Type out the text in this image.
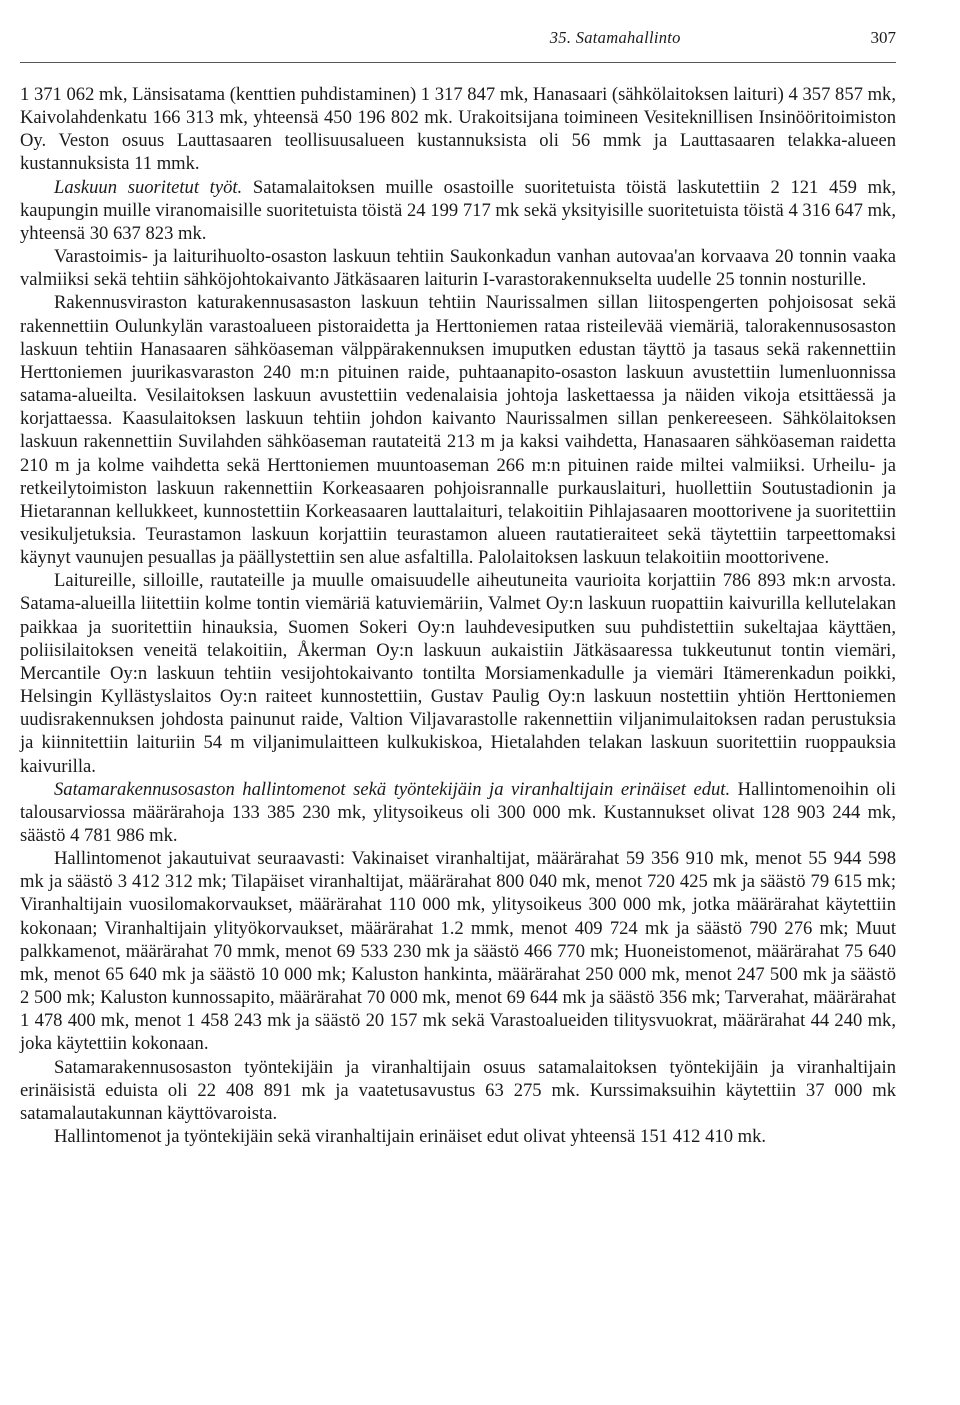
35. Satamahallinto	307

1 371 062 mk, Länsisatama (kenttien puhdistaminen) 1 317 847 mk, Hanasaari (sähkölaitoksen laituri) 4 357 857 mk, Kaivolahdenkatu 166 313 mk, yhteensä 450 196 802 mk. Urakoitsijana toimineen Vesiteknillisen Insinööritoimiston Oy. Veston osuus Lauttasaaren teollisuusalueen kustannuksista oli 56 mmk ja Lauttasaaren telakka-alueen kustannuksista 11 mmk.

Laskuun suoritetut työt. Satamalaitoksen muille osastoille suoritetuista töistä laskutettiin 2 121 459 mk, kaupungin muille viranomaisille suoritetuista töistä 24 199 717 mk sekä yksityisille suoritetuista töistä 4 316 647 mk, yhteensä 30 637 823 mk.

Varastoimis- ja laiturihuolto-osaston laskuun tehtiin Saukonkadun vanhan autovaa'an korvaava 20 tonnin vaaka valmiiksi sekä tehtiin sähköjohtokaivanto Jätkäsaaren laiturin I-varastorakennukselta uudelle 25 tonnin nosturille.

Rakennusviraston katurakennusasaston laskuun tehtiin Naurissalmen sillan liitospengerten pohjoisosat sekä rakennettiin Oulunkylän varastoalueen pistoraidetta ja Herttoniemen rataa risteilevää viemäriä, talorakennusosaston laskuun tehtiin Hanasaaren sähköaseman välppärakennuksen imuputken edustan täyttö ja tasaus sekä rakennettiin Herttoniemen juurikasvaraston 240 m:n pituinen raide, puhtaanapito-osaston laskuun avustettiin lumenluonnissa satama-alueilta. Vesilaitoksen laskuun avustettiin vedenalaisia johtoja laskettaessa ja näiden vikoja etsittäessä ja korjattaessa. Kaasulaitoksen laskuun tehtiin johdon kaivanto Naurissalmen sillan penkereeseen. Sähkölaitoksen laskuun rakennettiin Suvilahden sähköaseman rautateitä 213 m ja kaksi vaihdetta, Hanasaaren sähköaseman raidetta 210 m ja kolme vaihdetta sekä Herttoniemen muuntoaseman 266 m:n pituinen raide miltei valmiiksi. Urheilu- ja retkeilytoimiston laskuun rakennettiin Korkeasaaren pohjoisrannalle purkauslaituri, huollettiin Soutustadionin ja Hietarannan kellukkeet, kunnostettiin Korkeasaaren lauttalaituri, telakoitiin Pihlajasaaren moottorivene ja suoritettiin vesikuljetuksia. Teurastamon laskuun korjattiin teurastamon alueen rautatieraiteet sekä täytettiin tarpeettomaksi käynyt vaunujen pesuallas ja päällystettiin sen alue asfaltilla. Palolaitoksen laskuun telakoitiin moottorivene.

Laitureille, silloille, rautateille ja muulle omaisuudelle aiheutuneita vaurioita korjattiin 786 893 mk:n arvosta. Satama-alueilla liitettiin kolme tontin viemäriä katuviemäriin, Valmet Oy:n laskuun ruopattiin kaivurilla kellutelakan paikkaa ja suoritettiin hinauksia, Suomen Sokeri Oy:n lauhdevesiputken suu puhdistettiin sukeltajaa käyttäen, poliisilaitoksen veneitä telakoitiin, Åkerman Oy:n laskuun aukaistiin Jätkäsaaressa tukkeutunut tontin viemäri, Mercantile Oy:n laskuun tehtiin vesijohtokaivanto tontilta Morsiamenkadulle ja viemäri Itämerenkadun poikki, Helsingin Kyllästyslaitos Oy:n raiteet kunnostettiin, Gustav Paulig Oy:n laskuun nostettiin yhtiön Herttoniemen uudisrakennuksen johdosta painunut raide, Valtion Viljavarastolle rakennettiin viljanimulaitoksen radan perustuksia ja kiinnitettiin laituriin 54 m viljanimulaitteen kulkukiskoa, Hietalahden telakan laskuun suoritettiin ruoppauksia kaivurilla.

Satamarakennusosaston hallintomenot sekä työntekijäin ja viranhaltijain erinäiset edut. Hallintomenoihin oli talousarviossa määrärahoja 133 385 230 mk, ylitysoikeus oli 300 000 mk. Kustannukset olivat 128 903 244 mk, säästö 4 781 986 mk.

Hallintomenot jakautuivat seuraavasti: Vakinaiset viranhaltijat, määrärahat 59 356 910 mk, menot 55 944 598 mk ja säästö 3 412 312 mk; Tilapäiset viranhaltijat, määrärahat 800 040 mk, menot 720 425 mk ja säästö 79 615 mk; Viranhaltijain vuosilomakorvaukset, määrärahat 110 000 mk, ylitysoikeus 300 000 mk, jotka määrärahat käytettiin kokonaan; Viranhaltijain ylityökorvaukset, määrärahat 1.2 mmk, menot 409 724 mk ja säästö 790 276 mk; Muut palkkamenot, määrärahat 70 mmk, menot 69 533 230 mk ja säästö 466 770 mk; Huoneistomenot, määrärahat 75 640 mk, menot 65 640 mk ja säästö 10 000 mk; Kaluston hankinta, määrärahat 250 000 mk, menot 247 500 mk ja säästö 2 500 mk; Kaluston kunnossapito, määrärahat 70 000 mk, menot 69 644 mk ja säästö 356 mk; Tarverahat, määrärahat 1 478 400 mk, menot 1 458 243 mk ja säästö 20 157 mk sekä Varastoalueiden tilitysvuokrat, määrärahat 44 240 mk, joka käytettiin kokonaan.

Satamarakennusosaston työntekijäin ja viranhaltijain osuus satamalaitoksen työntekijäin ja viranhaltijain erinäisistä eduista oli 22 408 891 mk ja vaatetusavustus 63 275 mk. Kurssimaksuihin käytettiin 37 000 mk satamalautakunnan käyttövaroista.

Hallintomenot ja työntekijäin sekä viranhaltijain erinäiset edut olivat yhteensä 151 412 410 mk.
